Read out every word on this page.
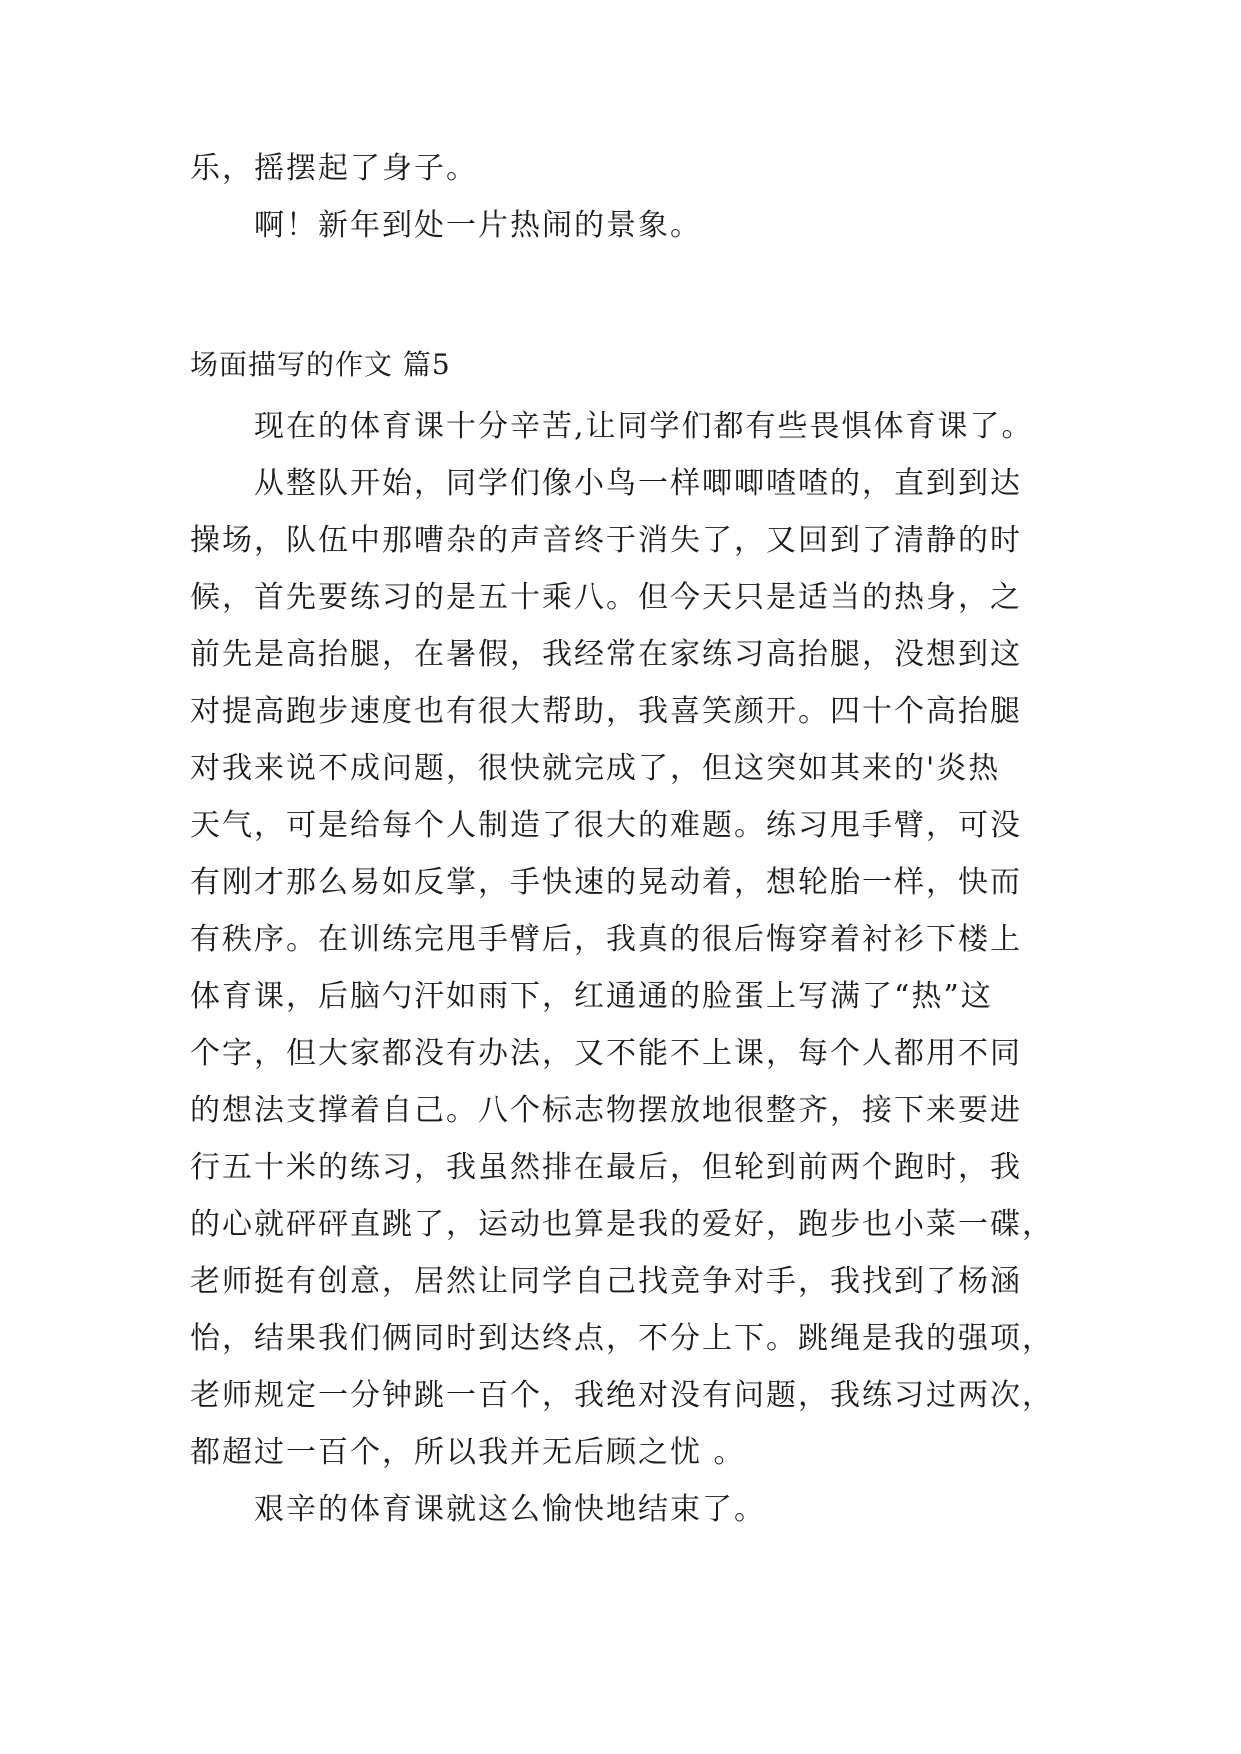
乐，摇摆起了身子。
啊！新年到处一片热闹的景象。
场面描写的作文 篇5
现在的体育课十分辛苦,让同学们都有些畏惧体育课了。
从整队开始，同学们像小鸟一样唧唧喳喳的，直到到达
操场，队伍中那嘈杂的声音终于消失了，又回到了清静的时
候，首先要练习的是五十乘八。但今天只是适当的热身，之
前先是高抬腿，在暑假，我经常在家练习高抬腿，没想到这
对提高跑步速度也有很大帮助，我喜笑颜开。四十个高抬腿
对我来说不成问题，很快就完成了，但这突如其来的'炎热
天气，可是给每个人制造了很大的难题。练习甩手臂，可没
有刚才那么易如反掌，手快速的晃动着，想轮胎一样，快而
有秩序。在训练完甩手臂后，我真的很后悔穿着衬衫下楼上
体育课，后脑勺汗如雨下，红通通的脸蛋上写满了“热”这
个字，但大家都没有办法，又不能不上课，每个人都用不同
的想法支撑着自己。八个标志物摆放地很整齐，接下来要进
行五十米的练习，我虽然排在最后，但轮到前两个跑时，我
的心就砰砰直跳了，运动也算是我的爱好，跑步也小菜一碟，
老师挺有创意，居然让同学自己找竞争对手，我找到了杨涵
怡，结果我们俩同时到达终点，不分上下。跳绳是我的强项，
老师规定一分钟跳一百个，我绝对没有问题，我练习过两次，
都超过一百个，所以我并无后顾之忧 。
艰辛的体育课就这么愉快地结束了。
